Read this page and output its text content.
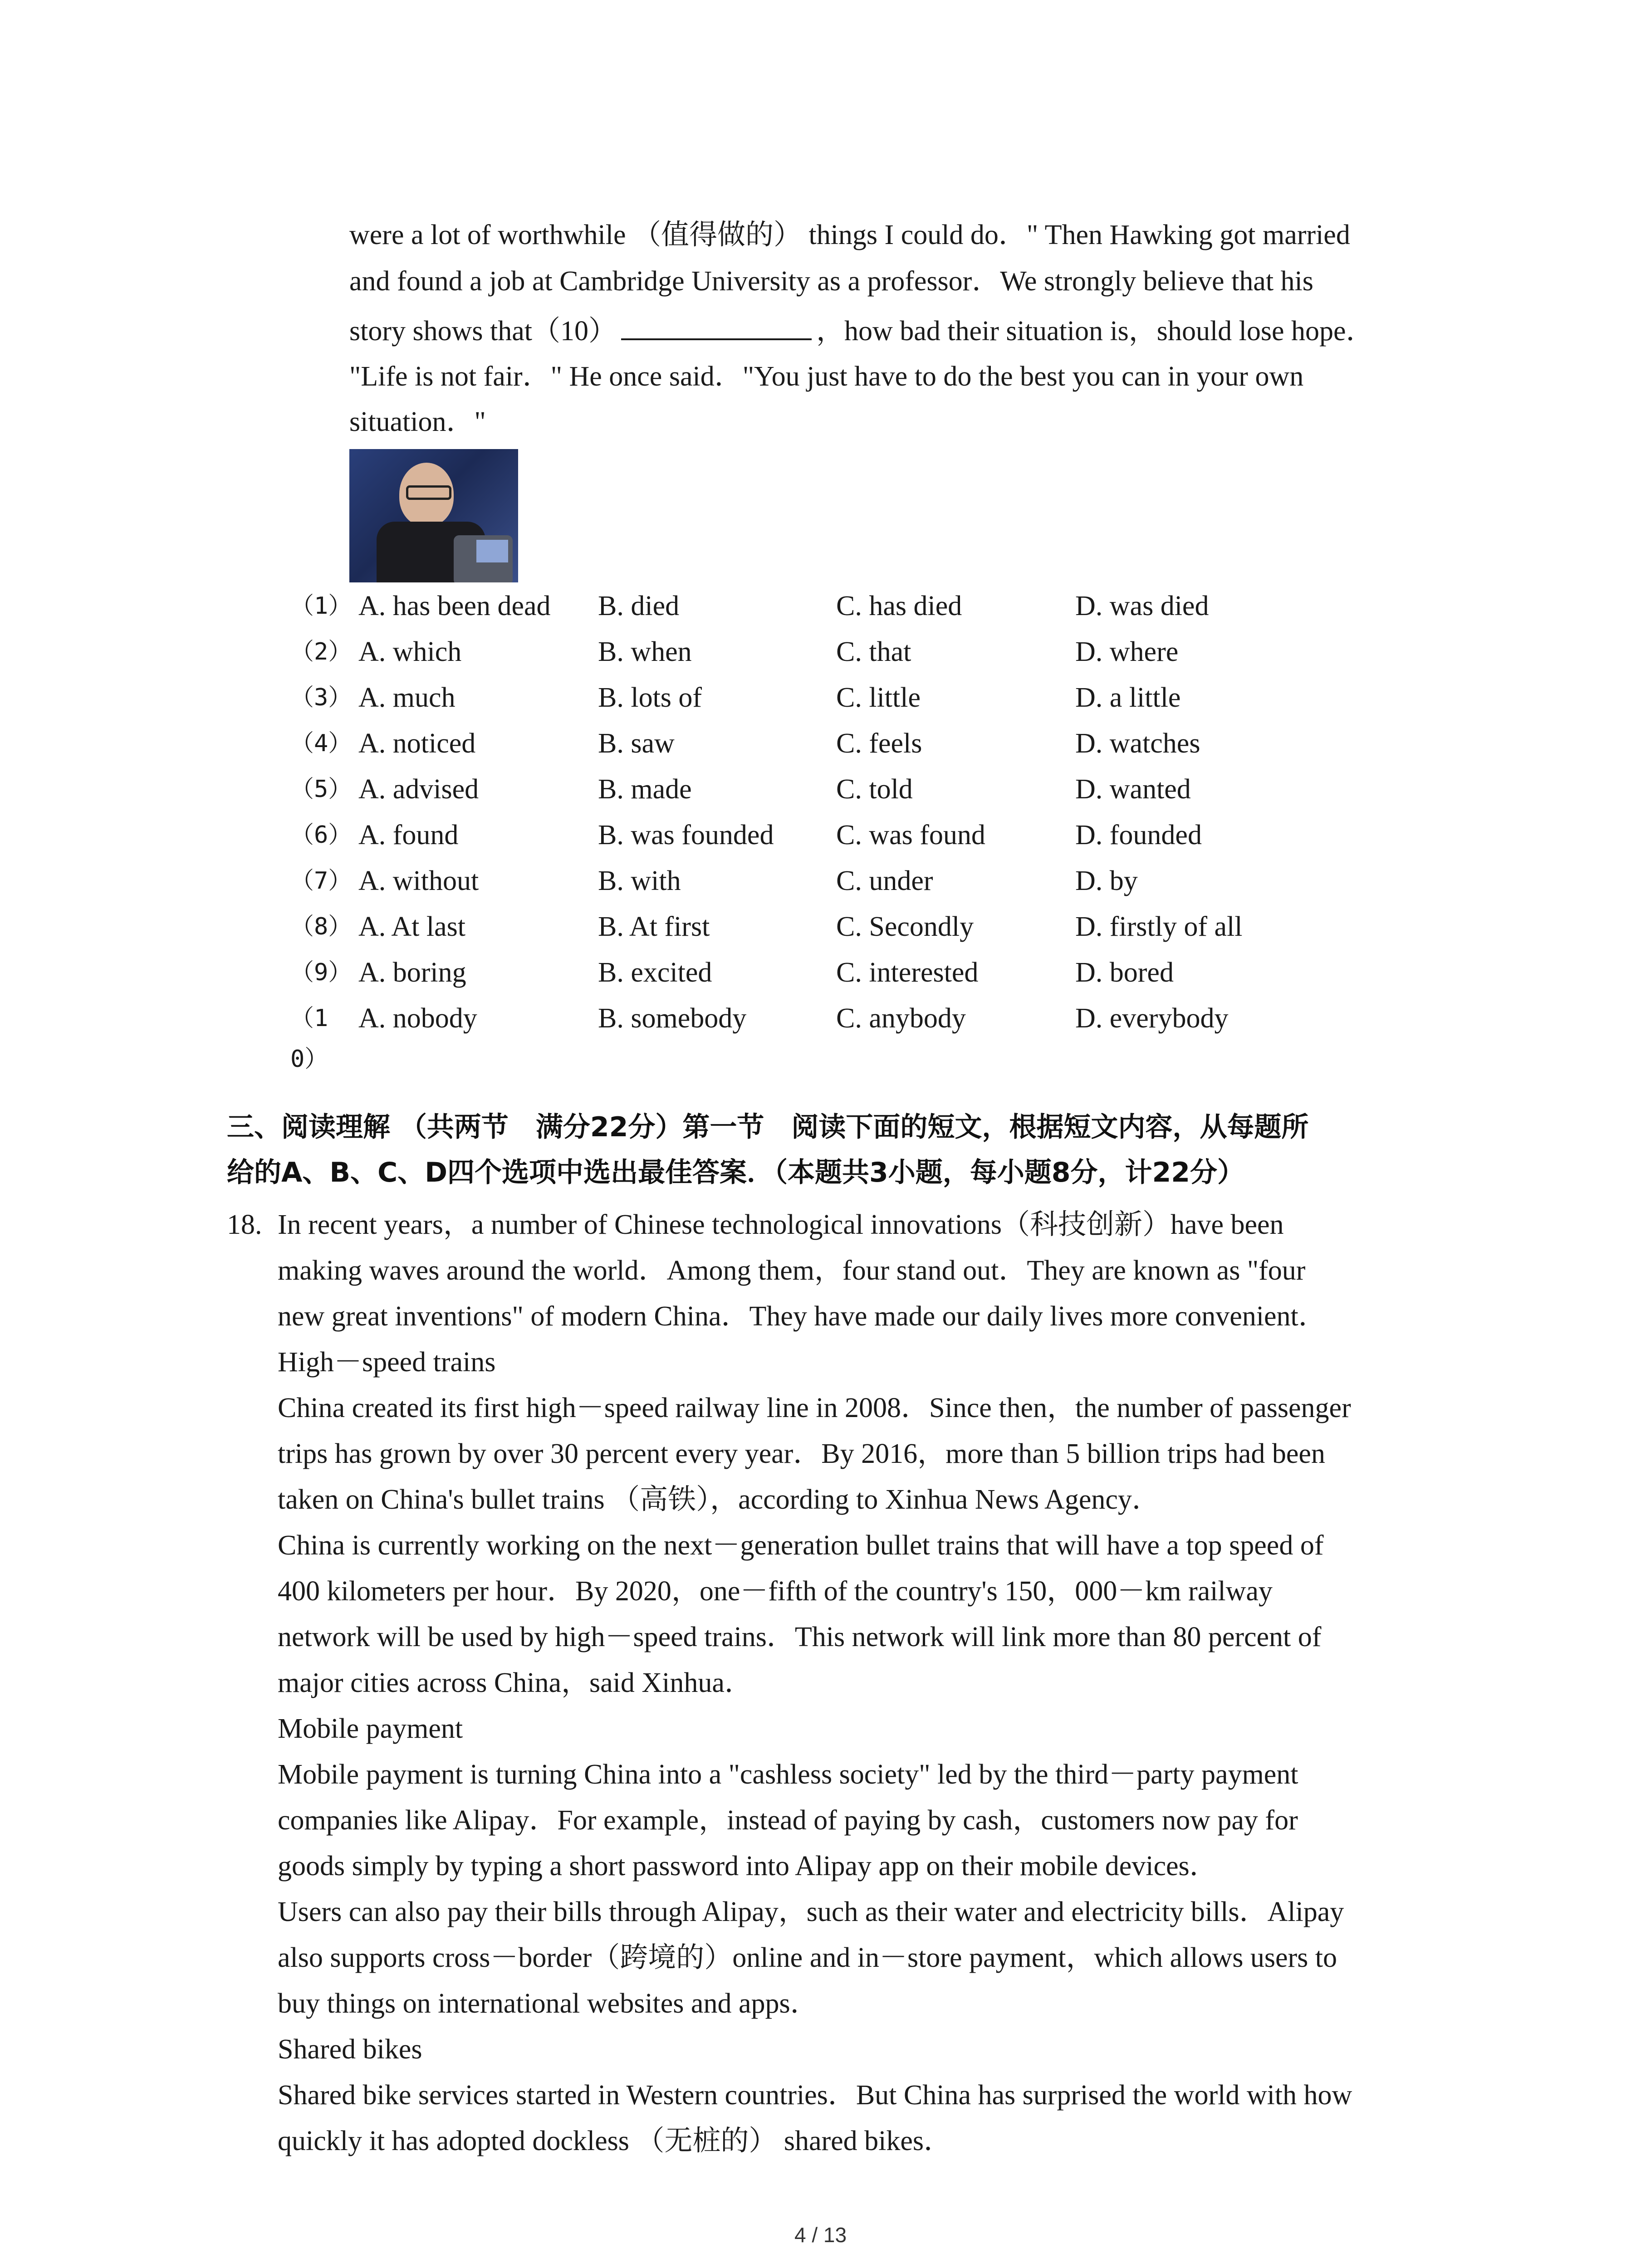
were a lot of worthwhile （值得做的） things I could do．" Then Hawking got married
and found a job at Cambridge University as a professor．We strongly believe that his
story shows that（10）	，how bad their situation is，should lose hope．
"Life is not fair．" He once said．"You just have to do the best you can in your own
situation．"
（1） A. has been dead B. died	C. has died	D. was died
（2） A. which	B. when	C. that	D. where
（3） A. much	B. lots of	C. little	D. a little
（4） A. noticed	B. saw	C. feels	D. watches
（5） A. advised	B. made	C. told	D. wanted
（6） A. found	B. was founded C. was found	D. founded
（7） A. without	B. with	C. under	D. by
（8） A. At last	B. At first	C. Secondly	D. firstly of all
（9） A. boring	B. excited	C. interested	D. bored
（10）
A. nobody	B. somebody	C. anybody	D. everybody
三、阅读理解 （共两节　满分22分）第一节　阅读下面的短文，根据短文内容，从每题所
给的A、B、C、D四个选项中选出最佳答案．（本题共3小题，每小题8分，计22分）
18. In recent years，a number of Chinese technological innovations（科技创新）have been
making waves around the world．Among them，four stand out．They are known as "four
new great inventions" of modern China．They have made our daily lives more convenient．
High－speed trains
China created its first high－speed railway line in 2008．Since then，the number of passenger
trips has grown by over 30 percent every year．By 2016，more than 5 billion trips had been
taken on China's bullet trains （高铁），according to Xinhua News Agency．
China is currently working on the next－generation bullet trains that will have a top speed of
400 kilometers per hour．By 2020，one－fifth of the country's 150，000－km railway
network will be used by high－speed trains．This network will link more than 80 percent of
major cities across China，said Xinhua．
Mobile payment
Mobile payment is turning China into a "cashless society" led by the third－party payment
companies like Alipay．For example，instead of paying by cash，customers now pay for
goods simply by typing a short password into Alipay app on their mobile devices．
Users can also pay their bills through Alipay，such as their water and electricity bills．Alipay
also supports cross－border（跨境的）online and in－store payment，which allows users to
buy things on international websites and apps．
Shared bikes
Shared bike services started in Western countries．But China has surprised the world with how
quickly it has adopted dockless （无桩的） shared bikes．
4 / 13
